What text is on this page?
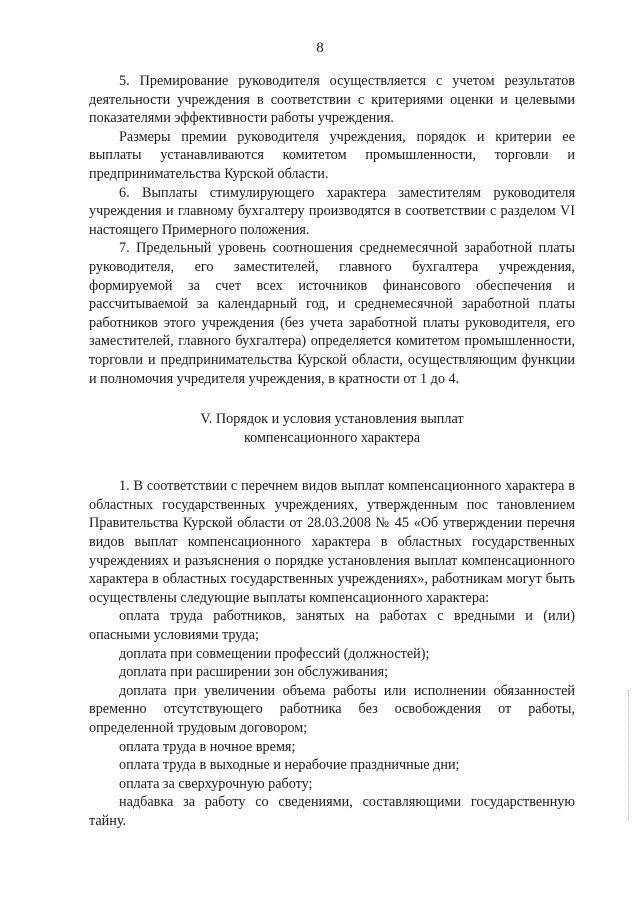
8

5. Премирование руководителя осуществляется с учетом результатов деятельности учреждения в соответствии с критериями оценки и целевыми показателями эффективности работы учреждения.

Размеры премии руководителя учреждения, порядок и критерии ее выплаты устанавливаются комитетом промышленности, торговли и предпринимательства Курской области.

6. Выплаты стимулирующего характера заместителям руководителя учреждения и главному бухгалтеру производятся в соответствии с разделом VI настоящего Примерного положения.

7. Предельный уровень соотношения среднемесячной заработной платы руководителя, его заместителей, главного бухгалтера учреждения, формируемой за счет всех источников финансового обеспечения и рассчитываемой за календарный год, и среднемесячной заработной платы работников этого учреждения (без учета заработной платы руководителя, его заместителей, главного бухгалтера) определяется комитетом промышленности, торговли и предпринимательства Курской области, осуществляющим функции и полномочия учредителя учреждения, в кратности от 1 до 4.

V. Порядок и условия установления выплат
компенсационного характера

1. В соответствии с перечнем видов выплат компенсационного характера в областных государственных учреждениях, утвержденным пос тановлением Правительства Курской области от 28.03.2008 № 45 «Об утверждении перечня видов выплат компенсационного характера в областных государственных учреждениях и разъяснения о порядке установления выплат компенсационного характера в областных государственных учреждениях», работникам могут быть осуществлены следующие выплаты компенсационного характера:

оплата труда работников, занятых на работах с вредными и (или) опасными условиями труда;

доплата при совмещении профессий (должностей);

доплата при расширении зон обслуживания;

доплата при увеличении объема работы или исполнении обязанностей временно отсутствующего работника без освобождения от работы, определенной трудовым договором;

оплата труда в ночное время;

оплата труда в выходные и нерабочие праздничные дни;

оплата за сверхурочную работу;

надбавка за работу со сведениями, составляющими государственную тайну.
